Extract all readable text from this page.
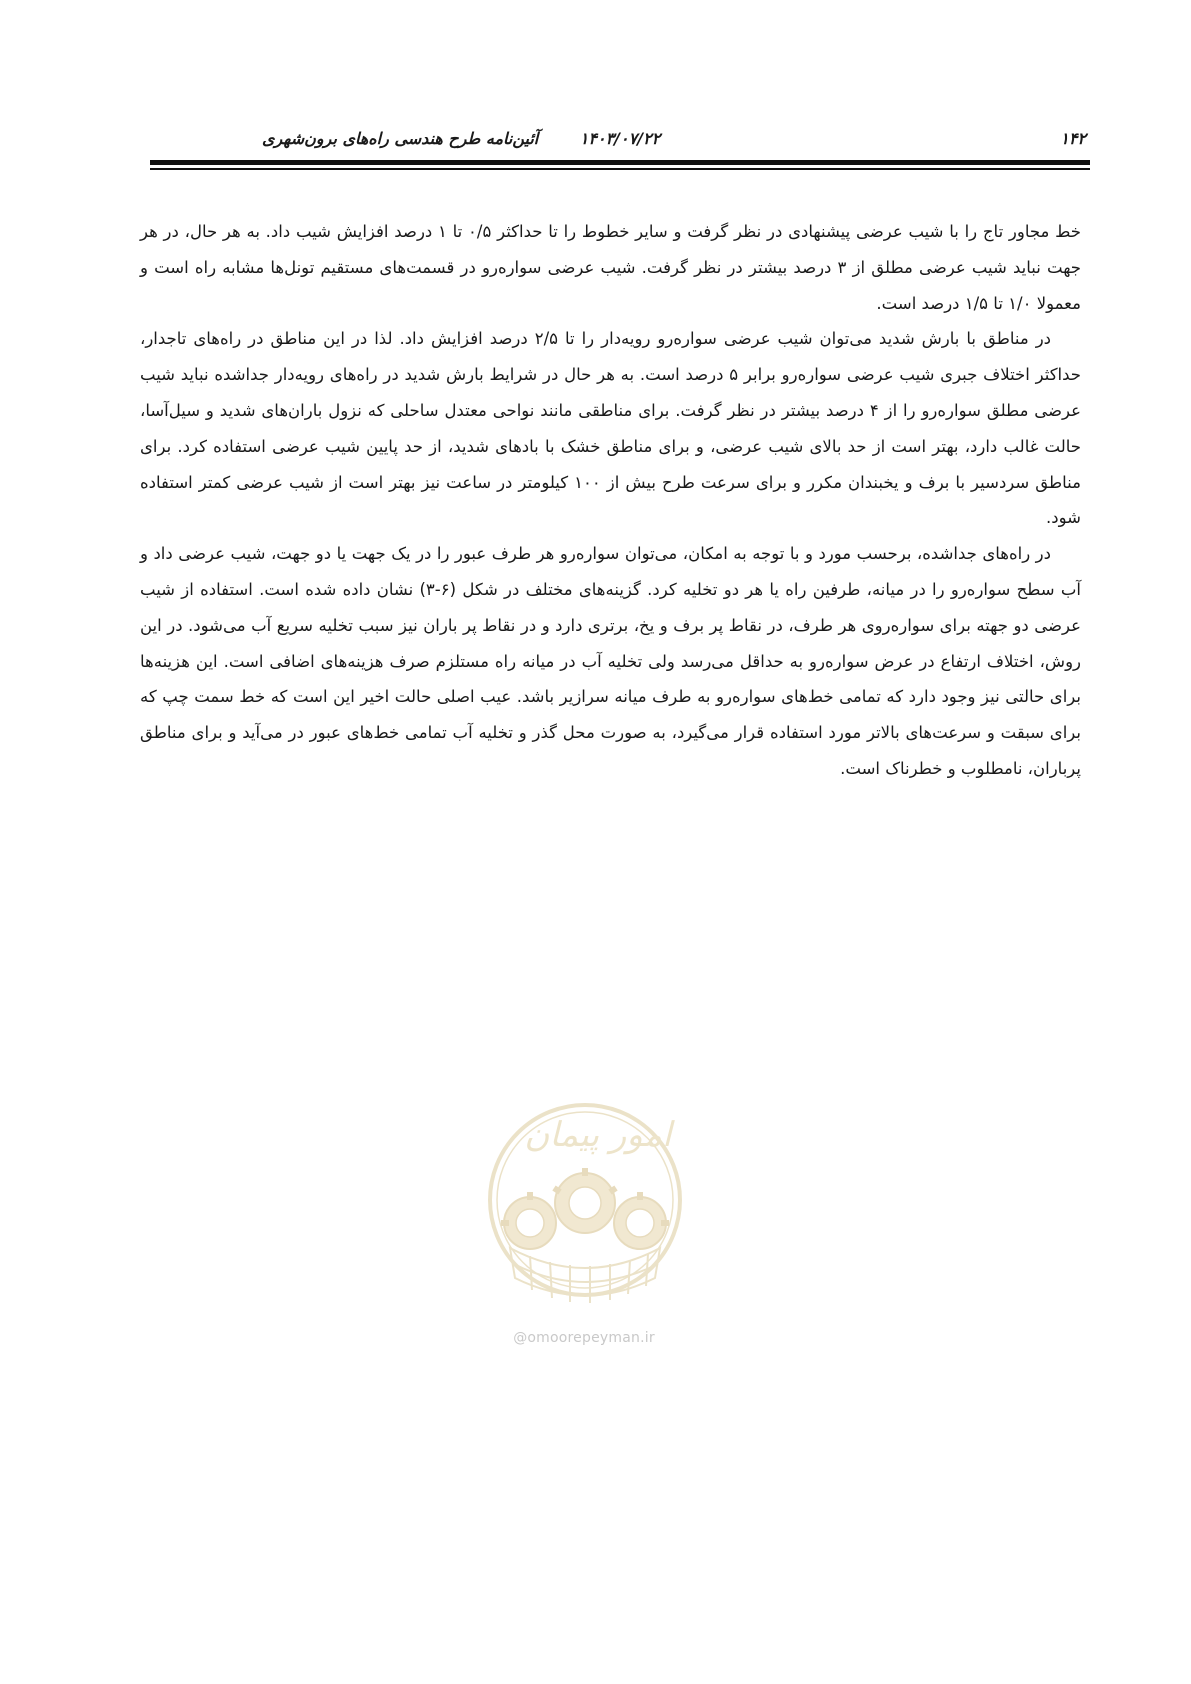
۱۴۲
۱۴۰۳/۰۷/۲۲
آئین‌نامه طرح هندسی راه‌های برون‌شهری

خط مجاور تاج را با شیب عرضی پیشنهادی در نظر گرفت و سایر خطوط را تا حداکثر ۰/۵ تا ۱ درصد افزایش شیب داد. به هر حال، در هر جهت نباید شیب عرضی مطلق از ۳ درصد بیشتر در نظر گرفت. شیب عرضی سواره‌رو در قسمت‌های مستقیم تونل‌ها مشابه راه است و معمولا ۱/۰ تا ۱/۵ درصد است.

در مناطق با بارش شدید می‌توان شیب عرضی سواره‌رو رویه‌دار را تا ۲/۵ درصد افزایش داد. لذا در این مناطق در راه‌های تاجدار، حداکثر اختلاف جبری شیب عرضی سواره‌رو برابر ۵ درصد است. به هر حال در شرایط بارش شدید در راه‌های رویه‌دار جداشده نباید شیب عرضی مطلق سواره‌رو را از ۴ درصد بیشتر در نظر گرفت. برای مناطقی مانند نواحی معتدل ساحلی که نزول باران‌های شدید و سیل‌آسا، حالت غالب دارد، بهتر است از حد بالای شیب عرضی، و برای مناطق خشک با بادهای شدید، از حد پایین شیب عرضی استفاده کرد. برای مناطق سردسیر با برف و یخبندان مکرر و برای سرعت طرح بیش از ۱۰۰ کیلومتر در ساعت نیز بهتر است از شیب عرضی کمتر استفاده شود.

در راه‌های جداشده، برحسب مورد و با توجه به امکان، می‌توان سواره‌رو هر طرف عبور را در یک جهت یا دو جهت، شیب عرضی داد و آب سطح سواره‌رو را در میانه، طرفین راه یا هر دو تخلیه کرد. گزینه‌های مختلف در شکل (۶-۳) نشان داده شده است. استفاده از شیب عرضی دو جهته برای سواره‌روی هر طرف، در نقاط پر برف و یخ، برتری دارد و در نقاط پر باران نیز سبب تخلیه سریع آب می‌شود. در این روش، اختلاف ارتفاع در عرض سواره‌رو به حداقل می‌رسد ولی تخلیه آب در میانه راه مستلزم صرف هزینه‌های اضافی است. این هزینه‌ها برای حالتی نیز وجود دارد که تمامی خط‌های سواره‌رو به طرف میانه سرازیر باشد. عیب اصلی حالت اخیر این است که خط سمت چپ که برای سبقت و سرعت‌های بالاتر مورد استفاده قرار می‌گیرد، به صورت محل گذر و تخلیه آب تمامی خط‌های عبور در می‌آید و برای مناطق پرباران، نامطلوب و خطرناک است.

امور پیمان
@omoorepeyman.ir
